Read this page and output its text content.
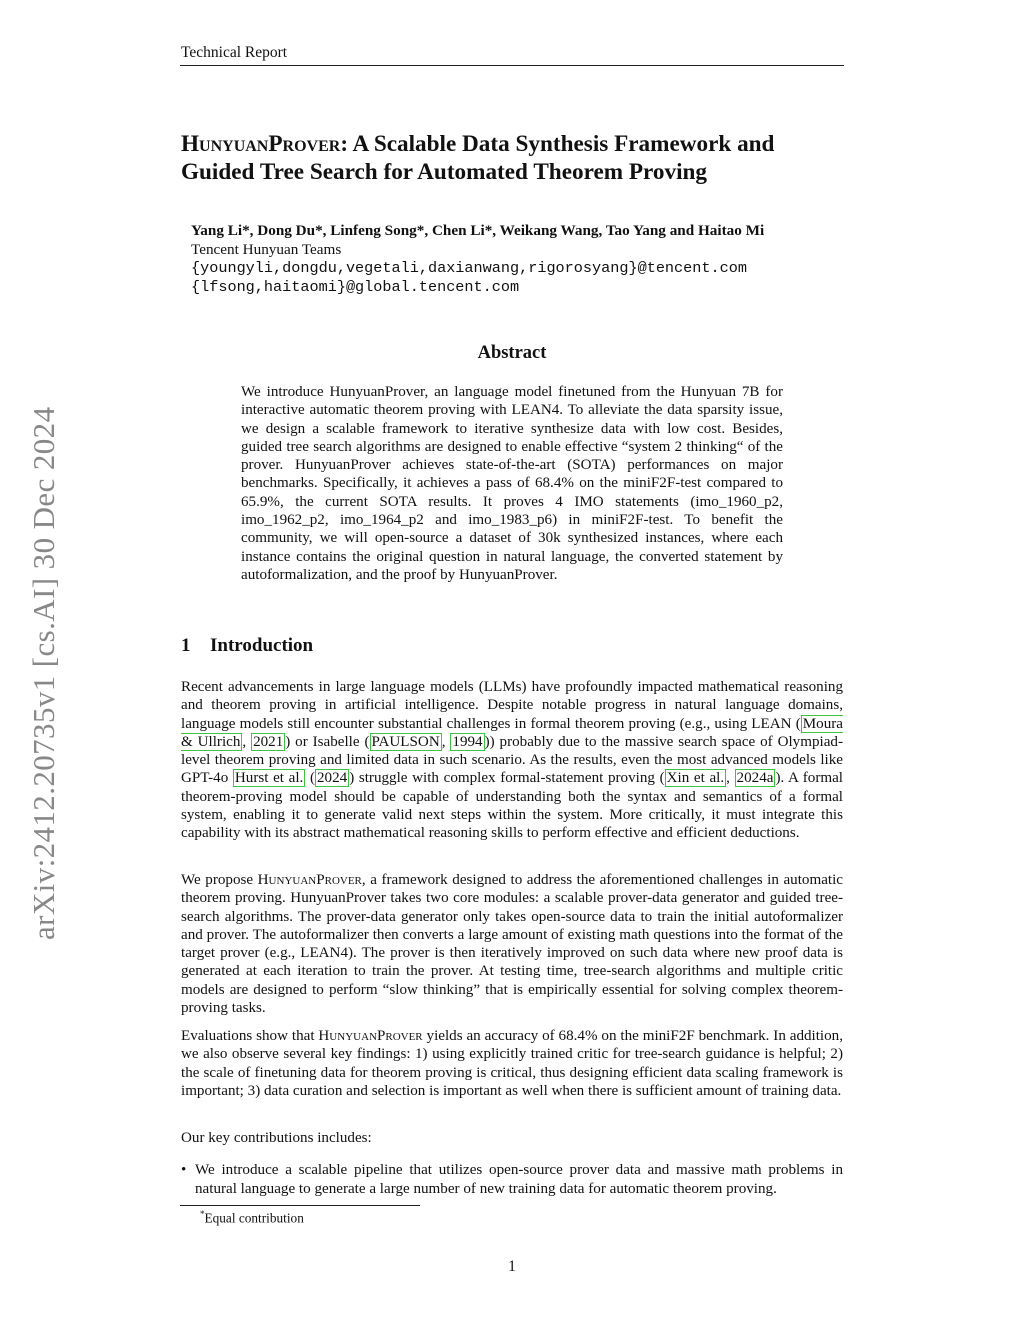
Technical Report
arXiv:2412.20735v1 [cs.AI] 30 Dec 2024
HunyuanProver: A Scalable Data Synthesis Framework and Guided Tree Search for Automated Theorem Proving
Yang Li*, Dong Du*, Linfeng Song*, Chen Li*, Weikang Wang, Tao Yang and Haitao Mi
Tencent Hunyuan Teams
{youngyli,dongdu,vegetali,daxianwang,rigorosyang}@tencent.com
{lfsong,haitaomi}@global.tencent.com
Abstract
We introduce HunyuanProver, an language model finetuned from the Hunyuan 7B for interactive automatic theorem proving with LEAN4. To alleviate the data sparsity issue, we design a scalable framework to iterative synthesize data with low cost. Besides, guided tree search algorithms are designed to enable effective “system 2 thinking“ of the prover. HunyuanProver achieves state-of-the-art (SOTA) performances on major benchmarks. Specifically, it achieves a pass of 68.4% on the miniF2F-test compared to 65.9%, the current SOTA results. It proves 4 IMO statements (imo_1960_p2, imo_1962_p2, imo_1964_p2 and imo_1983_p6) in miniF2F-test. To benefit the community, we will open-source a dataset of 30k synthesized instances, where each instance contains the original question in natural language, the converted statement by autoformalization, and the proof by HunyuanProver.
1 Introduction

Recent advancements in large language models (LLMs) have profoundly impacted mathematical reasoning and theorem proving in artificial intelligence. Despite notable progress in natural language domains, language models still encounter substantial challenges in formal theorem proving (e.g., using LEAN ( Moura & Ullrich , 2021 ) or Isabelle ( PAULSON , 1994 )) probably due to the massive search space of Olympiad-level theorem proving and limited data in such scenario. As the results, even the most advanced models like GPT-4o Hurst et al. ( 2024 ) struggle with complex formal-statement proving ( Xin et al. , 2024a ). A formal theorem-proving model should be capable of understanding both the syntax and semantics of a formal system, enabling it to generate valid next steps within the system. More critically, it must integrate this capability with its abstract mathematical reasoning skills to perform effective and efficient deductions.

We propose HunyuanProver, a framework designed to address the aforementioned challenges in automatic theorem proving. HunyuanProver takes two core modules: a scalable prover-data generator and guided tree-search algorithms. The prover-data generator only takes open-source data to train the initial autoformalizer and prover. The autoformalizer then converts a large amount of existing math questions into the format of the target prover (e.g., LEAN4). The prover is then iteratively improved on such data where new proof data is generated at each iteration to train the prover. At testing time, tree-search algorithms and multiple critic models are designed to perform “slow thinking” that is empirically essential for solving complex theorem-proving tasks.

Evaluations show that HunyuanProver yields an accuracy of 68.4% on the miniF2F benchmark. In addition, we also observe several key findings: 1) using explicitly trained critic for tree-search guidance is helpful; 2) the scale of finetuning data for theorem proving is critical, thus designing efficient data scaling framework is important; 3) data curation and selection is important as well when there is sufficient amount of training data.

Our key contributions includes:

• We introduce a scalable pipeline that utilizes open-source prover data and massive math problems in natural language to generate a large number of new training data for automatic theorem proving.
*Equal contribution
1
